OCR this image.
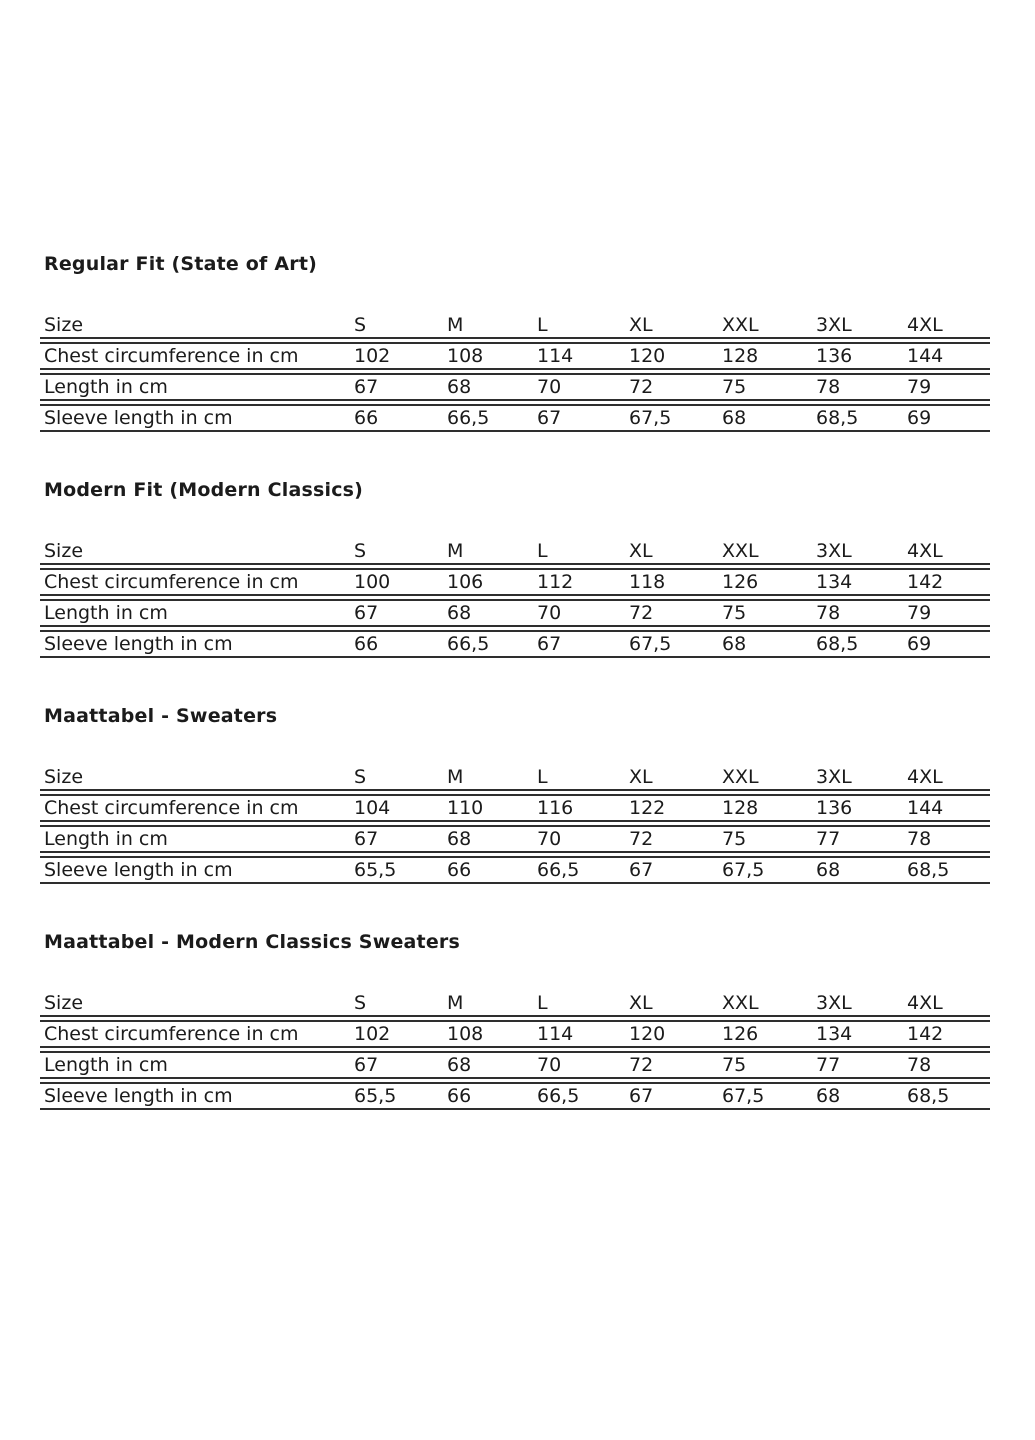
Regular Fit (State of Art)
Size	S	M	L	XL	XXL	3XL	4XL
Chest circumference in cm	102	108	114	120	128	136	144
Length in cm	67	68	70	72	75	78	79
Sleeve length in cm	66	66,5	67	67,5	68	68,5	69
Modern Fit (Modern Classics)
Size	S	M	L	XL	XXL	3XL	4XL
Chest circumference in cm	100	106	112	118	126	134	142
Length in cm	67	68	70	72	75	78	79
Sleeve length in cm	66	66,5	67	67,5	68	68,5	69
Maattabel - Sweaters
Size	S	M	L	XL	XXL	3XL	4XL
Chest circumference in cm	104	110	116	122	128	136	144
Length in cm	67	68	70	72	75	77	78
Sleeve length in cm	65,5	66	66,5	67	67,5	68	68,5
Maattabel - Modern Classics Sweaters
Size	S	M	L	XL	XXL	3XL	4XL
Chest circumference in cm	102	108	114	120	126	134	142
Length in cm	67	68	70	72	75	77	78
Sleeve length in cm	65,5	66	66,5	67	67,5	68	68,5
